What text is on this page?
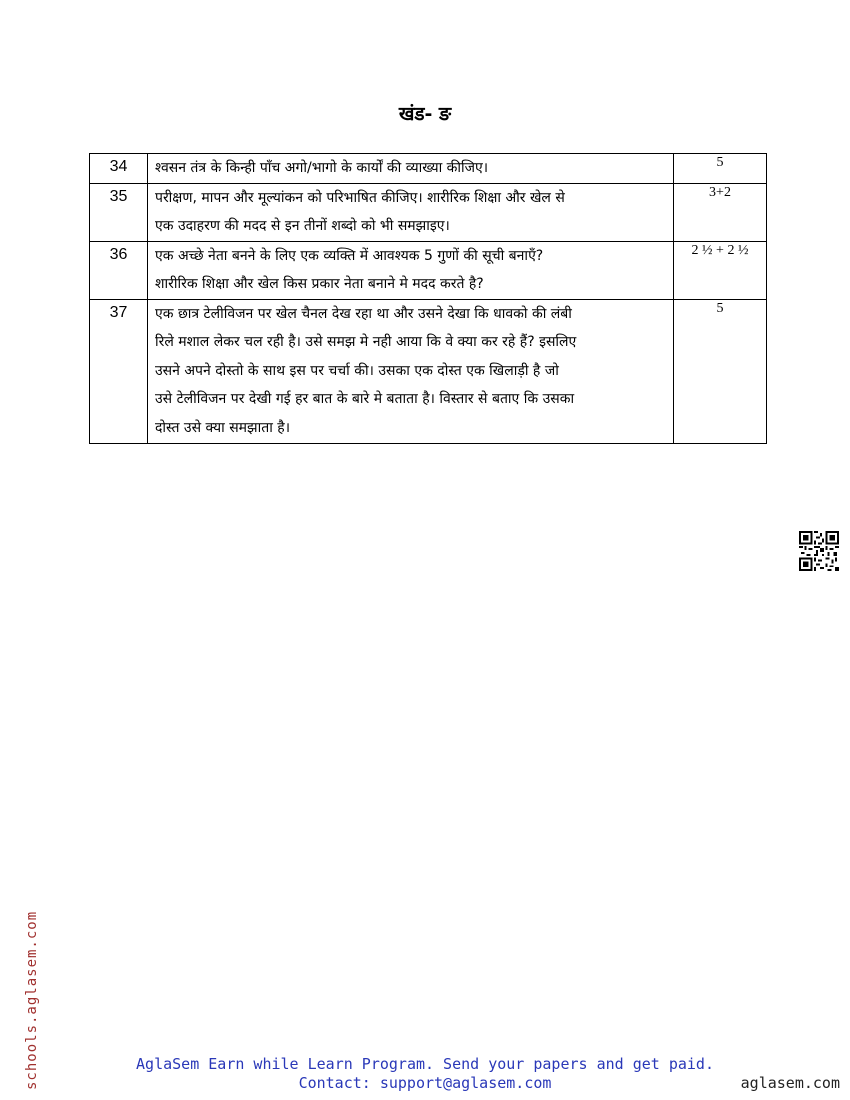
खंड- ङ
34	श्वसन तंत्र के किन्ही पाँच अगो/भागो के कार्यों की व्याख्या कीजिए।	5
35	परीक्षण, मापन और मूल्यांकन को परिभाषित कीजिए। शारीरिक शिक्षा और खेल से
एक उदाहरण की मदद से इन तीनों शब्दो को भी समझाइए।	3+2
36	एक अच्छे नेता बनने के लिए एक व्यक्ति में आवश्यक 5 गुणों की सूची बनाएँ?
शारीरिक शिक्षा और खेल किस प्रकार नेता बनाने मे मदद करते है?	2 ½ + 2 ½
37	एक छात्र टेलीविजन पर खेल चैनल देख रहा था और उसने देखा कि धावको की लंबी
रिले मशाल लेकर चल रही है। उसे समझ मे नही आया कि वे क्या कर रहे हैं? इसलिए
उसने अपने दोस्तो के साथ इस पर चर्चा की। उसका एक दोस्त एक खिलाड़ी है जो
उसे टेलीविजन पर देखी गई हर बात के बारे मे बताता है। विस्तार से बताए कि उसका
दोस्त उसे क्या समझाता है।	5
schools.aglasem.com	AglaSem Earn while Learn Program. Send your papers and get paid.
Contact: support@aglasem.com	aglasem.com
